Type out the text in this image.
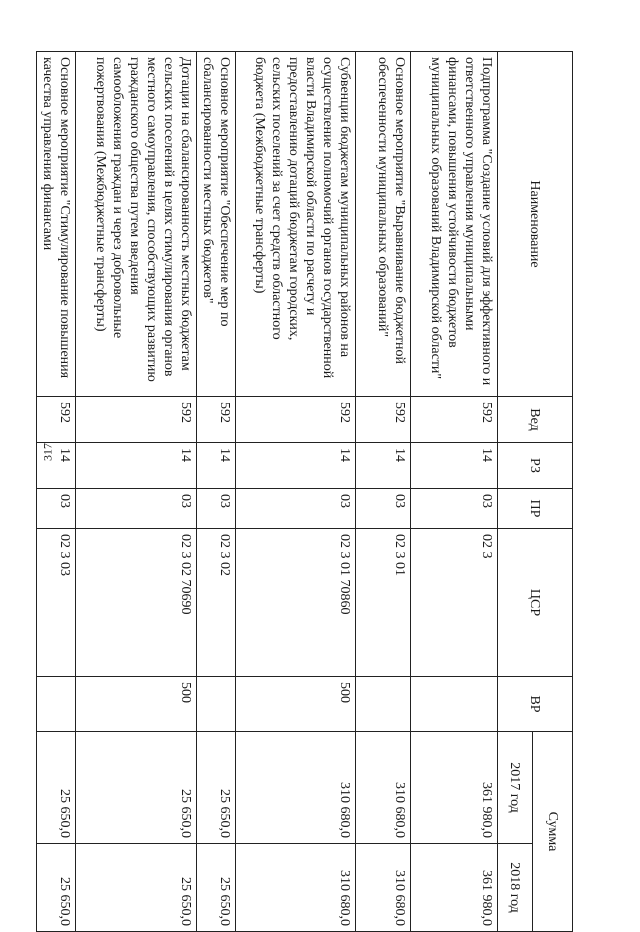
317
Наименование	Вед	РЗ	ПР	ЦСР	ВР	Сумма	
						2017 год	2018 год
Подпрограмма "Создание условий для эффективного и ответственного управления муниципальными финансами, повышения устойчивости бюджетов муниципальных образований Владимирской области"	592	14	03	02 3		361 980,0	361 980,0
Основное мероприятие "Выравнивание бюджетной обеспеченности муниципальных образований"	592	14	03	02 3 01		310 680,0	310 680,0
Субвенции бюджетам муниципальных районов на осуществление полномочий органов государственной власти Владимирской области по расчету и предоставлению дотаций бюджетам городских, сельских поселений за счет средств областного бюджета (Межбюджетные трансферты)	592	14	03	02 3 01 70860	500	310 680,0	310 680,0
Основное мероприятие "Обеспечение мер по сбалансированности местных бюджетов"	592	14	03	02 3 02		25 650,0	25 650,0
Дотации на сбалансированность местных бюджетам сельских поселений в целях стимулирования органов местного самоуправления, способствующих развитию гражданского общества путем введения самообложения граждан и через добровольные пожертвования (Межбюджетные трансферты)	592	14	03	02 3 02 70690	500	25 650,0	25 650,0
Основное мероприятие "Стимулирование повышения качества управления финансами	592	14	03	02 3 03		25 650,0	25 650,0
